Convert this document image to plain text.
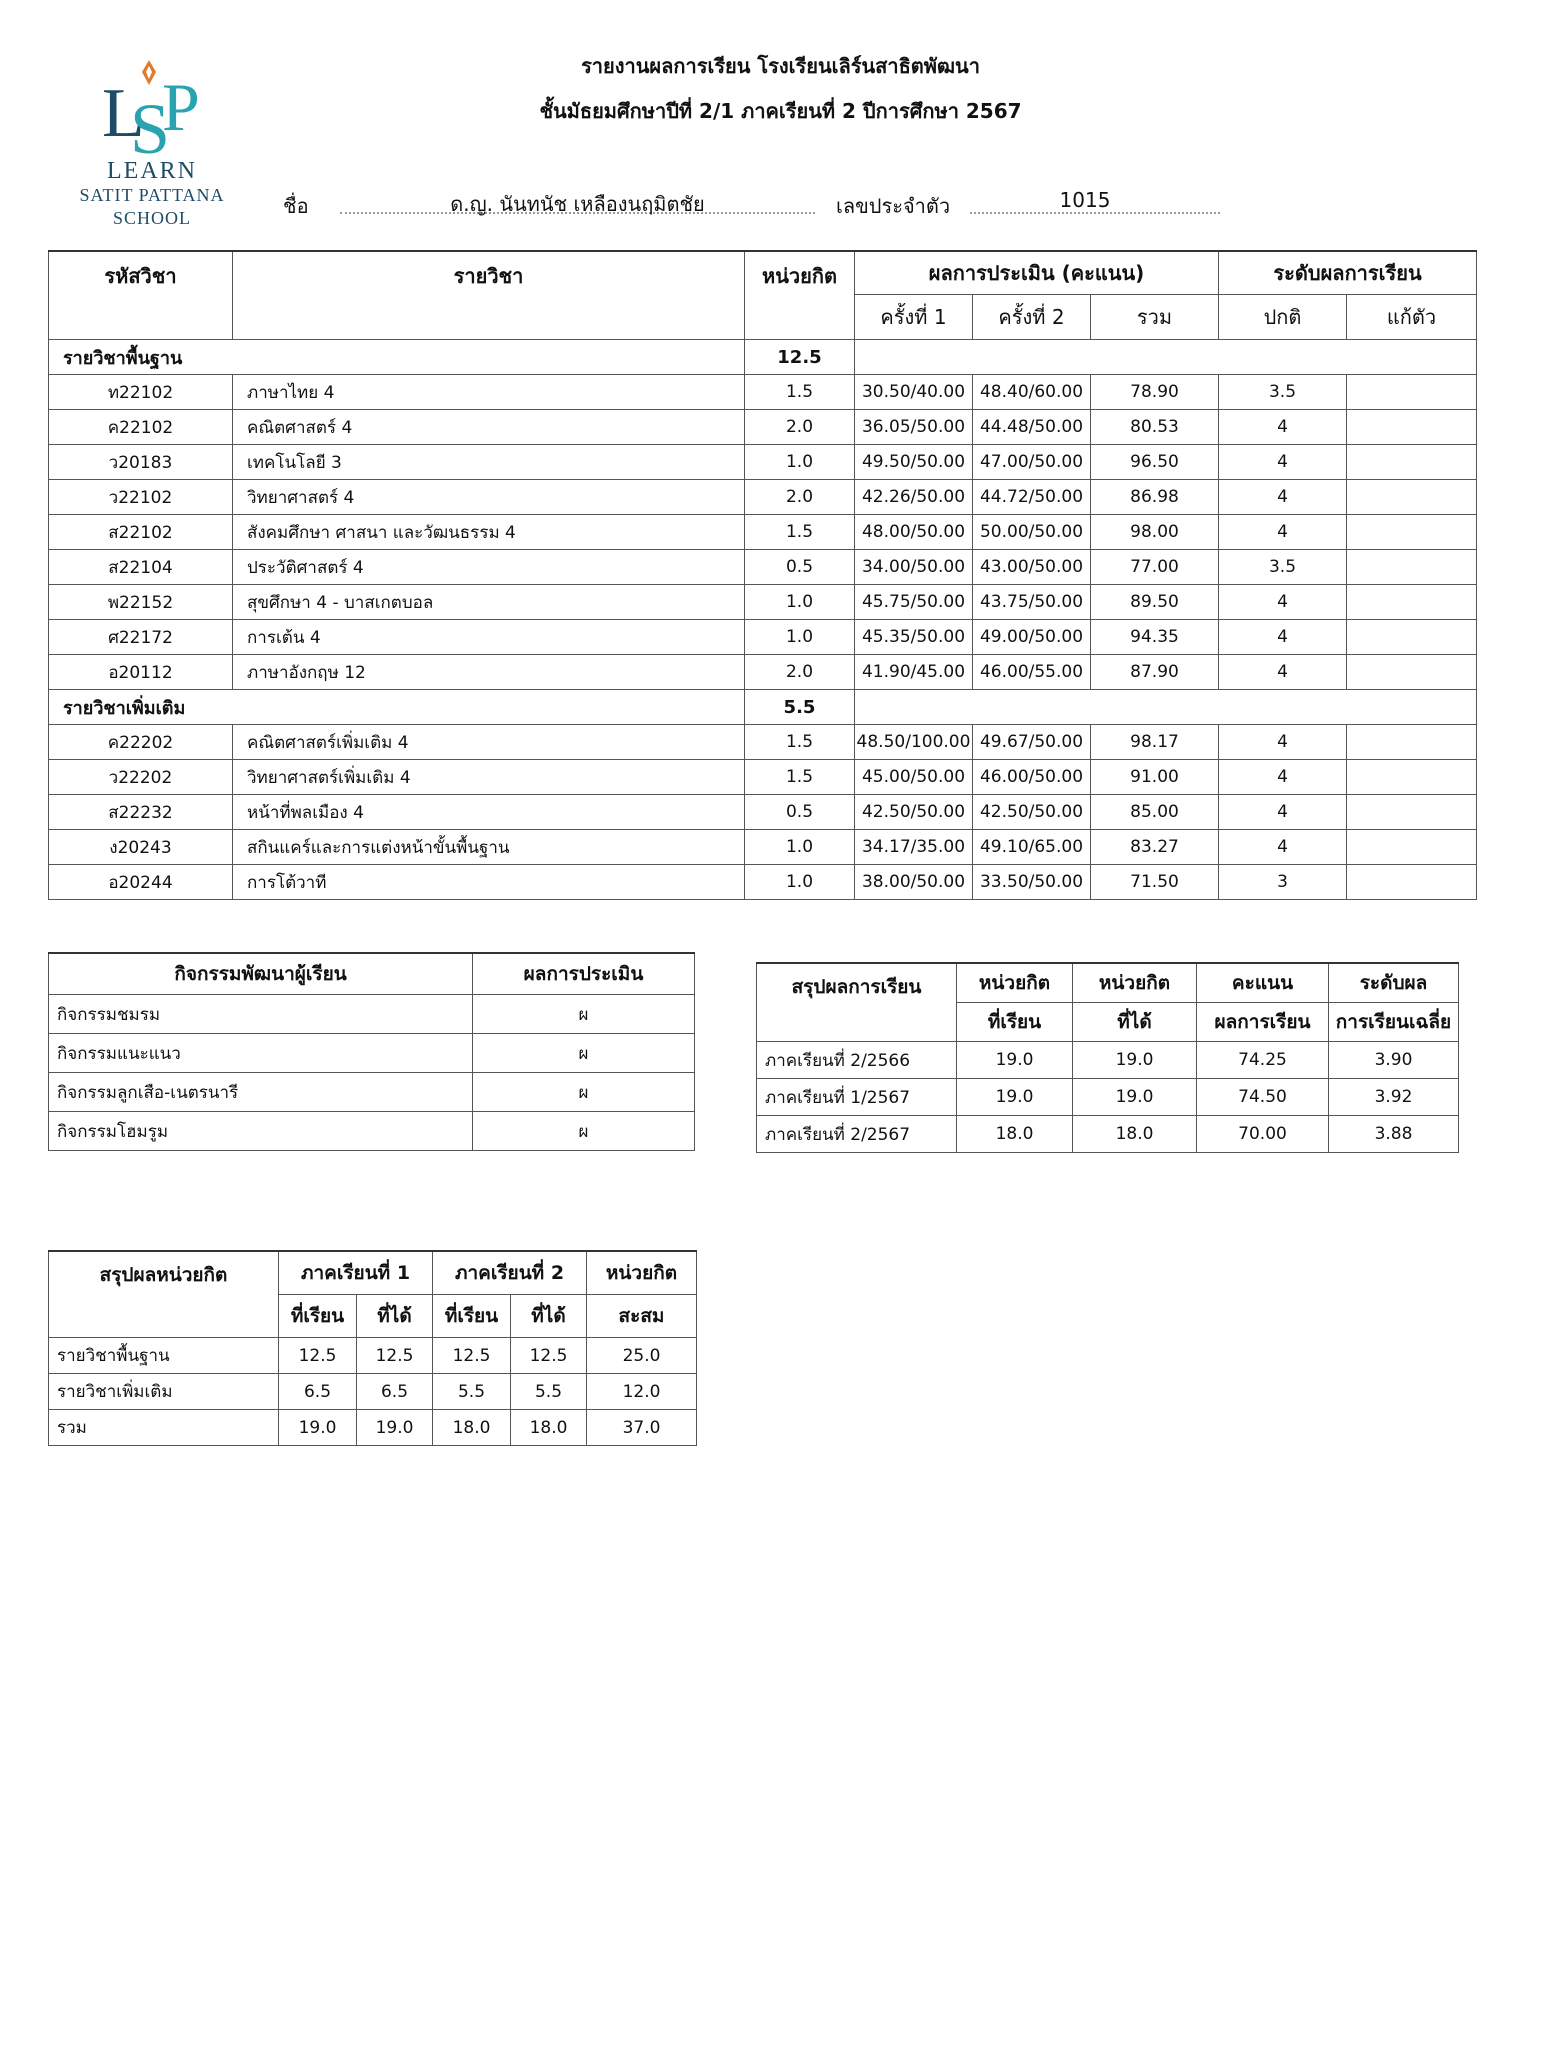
L
S
P
LEARN
SATIT PATTANA
SCHOOL
รายงานผลการเรียน โรงเรียนเลิร์นสาธิตพัฒนา
ชั้นมัธยมศึกษาปีที่ 2/1 ภาคเรียนที่ 2 ปีการศึกษา 2567
ชื่อ	ด.ญ. นันทนัช เหลืองนฤมิตชัย	เลขประจำตัว	1015
รหัสวิชา	รายวิชา	หน่วยกิต	ผลการประเมิน (คะแนน)			ระดับผลการเรียน	
			ครั้งที่ 1	ครั้งที่ 2	รวม	ปกติ	แก้ตัว
รายวิชาพื้นฐาน		12.5					
ท22102	ภาษาไทย 4	1.5	30.50/40.00	48.40/60.00	78.90	3.5	
ค22102	คณิตศาสตร์ 4	2.0	36.05/50.00	44.48/50.00	80.53	4	
ว20183	เทคโนโลยี 3	1.0	49.50/50.00	47.00/50.00	96.50	4	
ว22102	วิทยาศาสตร์ 4	2.0	42.26/50.00	44.72/50.00	86.98	4	
ส22102	สังคมศึกษา ศาสนา และวัฒนธรรม 4	1.5	48.00/50.00	50.00/50.00	98.00	4	
ส22104	ประวัติศาสตร์ 4	0.5	34.00/50.00	43.00/50.00	77.00	3.5	
พ22152	สุขศึกษา 4 - บาสเกตบอล	1.0	45.75/50.00	43.75/50.00	89.50	4	
ศ22172	การเต้น 4	1.0	45.35/50.00	49.00/50.00	94.35	4	
อ20112	ภาษาอังกฤษ 12	2.0	41.90/45.00	46.00/55.00	87.90	4	
รายวิชาเพิ่มเติม		5.5					
ค22202	คณิตศาสตร์เพิ่มเติม 4	1.5	48.50/100.00	49.67/50.00	98.17	4	
ว22202	วิทยาศาสตร์เพิ่มเติม 4	1.5	45.00/50.00	46.00/50.00	91.00	4	
ส22232	หน้าที่พลเมือง 4	0.5	42.50/50.00	42.50/50.00	85.00	4	
ง20243	สกินแคร์และการแต่งหน้าขั้นพื้นฐาน	1.0	34.17/35.00	49.10/65.00	83.27	4	
อ20244	การโต้วาที	1.0	38.00/50.00	33.50/50.00	71.50	3	
กิจกรรมพัฒนาผู้เรียน	ผลการประเมิน
กิจกรรมชมรม	ผ
กิจกรรมแนะแนว	ผ
กิจกรรมลูกเสือ-เนตรนารี	ผ
กิจกรรมโฮมรูม	ผ
สรุปผลการเรียน	หน่วยกิต	หน่วยกิต	คะแนน	ระดับผล
	ที่เรียน	ที่ได้	ผลการเรียน	การเรียนเฉลี่ย
ภาคเรียนที่ 2/2566	19.0	19.0	74.25	3.90
ภาคเรียนที่ 1/2567	19.0	19.0	74.50	3.92
ภาคเรียนที่ 2/2567	18.0	18.0	70.00	3.88
สรุปผลหน่วยกิต	ภาคเรียนที่ 1		ภาคเรียนที่ 2		หน่วยกิต
	ที่เรียน	ที่ได้	ที่เรียน	ที่ได้	สะสม
รายวิชาพื้นฐาน	12.5	12.5	12.5	12.5	25.0
รายวิชาเพิ่มเติม	6.5	6.5	5.5	5.5	12.0
รวม	19.0	19.0	18.0	18.0	37.0
